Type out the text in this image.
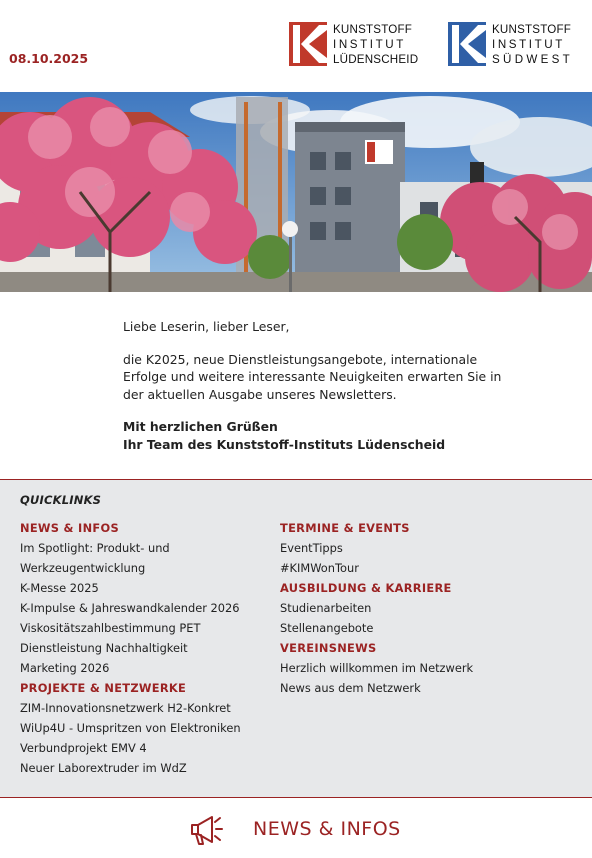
08.10.2025
KUNSTSTOFF
INSTITUT
LÜDENSCHEID
KUNSTSTOFF
INSTITUT
SÜDWEST

Liebe Leserin, lieber Leser,

die K2025, neue Dienstleistungsangebote, internationale Erfolge und weitere interessante Neuigkeiten erwarten Sie in der aktuellen Ausgabe unseres Newsletters.

Mit herzlichen Grüßen
Ihr Team des Kunststoff-Instituts Lüdenscheid
QUICKLINKS
NEWS & INFOS
Im Spotlight: Produkt- und
Werkzeugentwicklung
K-Messe 2025
K-Impulse & Jahreswandkalender 2026
Viskositätszahlbestimmung PET
Dienstleistung Nachhaltigkeit
Marketing 2026
PROJEKTE & NETZWERKE
ZIM-Innovationsnetzwerk H2-Konkret
WiUp4U - Umspritzen von Elektroniken
Verbundprojekt EMV 4
Neuer Laborextruder im WdZ
TERMINE & EVENTS
EventTipps
#KIMWonTour
AUSBILDUNG & KARRIERE
Studienarbeiten
Stellenangebote
VEREINSNEWS
Herzlich willkommen im Netzwerk
News aus dem Netzwerk
NEWS & INFOS
